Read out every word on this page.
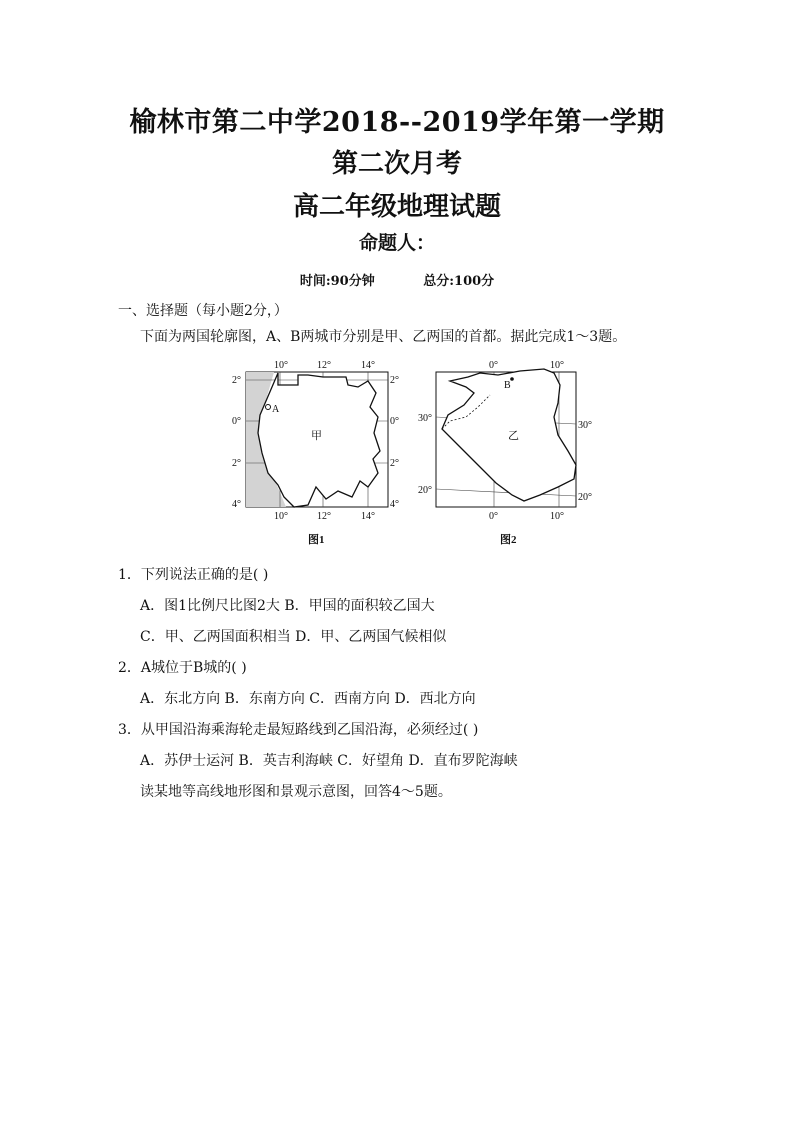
榆林市第二中学2018--2019学年第一学期
第二次月考
高二年级地理试题
命题人：
时间:90分钟	总分:100分
一、选择题（每小题2分，）
下面为两国轮廓图，A、B两城市分别是甲、乙两国的首都。据此完成1～3题。
A
甲
10°	12°	14°
10°	12°	14°
2°
0°
2°
4°
2°
0°
2°
4°
图1
B
乙
0°	10°
0°	10°
30°
20°
30°
20°
图2
1．下列说法正确的是( )
A．图1比例尺比图2大 B．甲国的面积较乙国大
C．甲、乙两国面积相当 D．甲、乙两国气候相似
2．A城位于B城的( )
A．东北方向 B．东南方向 C．西南方向 D．西北方向
3．从甲国沿海乘海轮走最短路线到乙国沿海，必须经过( )
A．苏伊士运河 B．英吉利海峡 C．好望角 D．直布罗陀海峡
读某地等高线地形图和景观示意图，回答4～5题。
